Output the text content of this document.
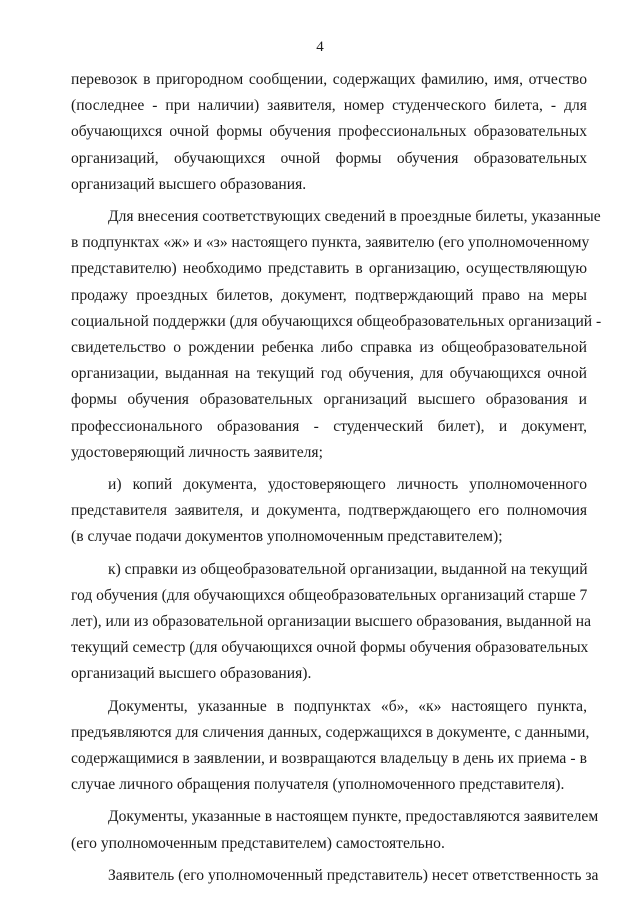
4
перевозок в пригородном сообщении, содержащих фамилию, имя, отчество
(последнее - при наличии) заявителя, номер студенческого билета, - для
обучающихся очной формы обучения профессиональных образовательных
организаций, обучающихся очной формы обучения образовательных
организаций высшего образования.
Для внесения соответствующих сведений в проездные билеты, указанные
в подпунктах «ж» и «з» настоящего пункта, заявителю (его уполномоченному
представителю) необходимо представить в организацию, осуществляющую
продажу проездных билетов, документ, подтверждающий право на меры
социальной поддержки (для обучающихся общеобразовательных организаций -
свидетельство о рождении ребенка либо справка из общеобразовательной
организации, выданная на текущий год обучения, для обучающихся очной
формы обучения образовательных организаций высшего образования и
профессионального образования - студенческий билет), и документ,
удостоверяющий личность заявителя;
и) копий документа, удостоверяющего личность уполномоченного
представителя заявителя, и документа, подтверждающего его полномочия
(в случае подачи документов уполномоченным представителем);
к) справки из общеобразовательной организации, выданной на текущий
год обучения (для обучающихся общеобразовательных организаций старше 7
лет), или из образовательной организации высшего образования, выданной на
текущий семестр (для обучающихся очной формы обучения образовательных
организаций высшего образования).
Документы, указанные в подпунктах «б», «к» настоящего пункта,
предъявляются для сличения данных, содержащихся в документе, с данными,
содержащимися в заявлении, и возвращаются владельцу в день их приема - в
случае личного обращения получателя (уполномоченного представителя).
Документы, указанные в настоящем пункте, предоставляются заявителем
(его уполномоченным представителем) самостоятельно.
Заявитель (его уполномоченный представитель) несет ответственность за
